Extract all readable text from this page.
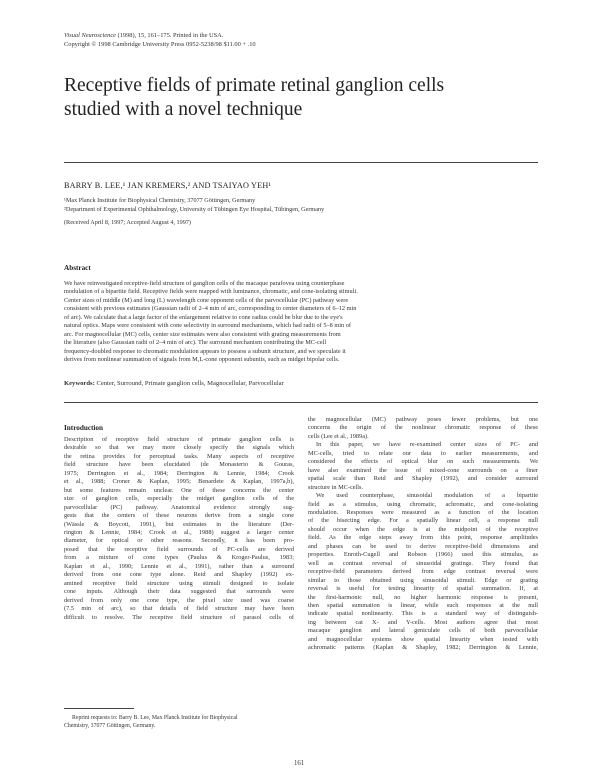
Visual Neuroscience (1998), 15, 161–175. Printed in the USA.
Copyright © 1998 Cambridge University Press 0952-5238/98 $11.00 + .10
Receptive fields of primate retinal ganglion cells
studied with a novel technique
BARRY B. LEE,¹ JAN KREMERS,² AND TSAIYAO YEH¹
¹Max Planck Institute for Biophysical Chemistry, 37077 Göttingen, Germany
²Department of Experimental Ophthalmology, University of Tübingen Eye Hospital, Tübingen, Germany
(Received April 8, 1997; Accepted August 4, 1997)
Abstract
We have reinvestigated receptive-field structure of ganglion cells of the macaque parafovea using counterphase
modulation of a bipartite field. Receptive fields were mapped with luminance, chromatic, and cone-isolating stimuli.
Center sizes of middle (M) and long (L) wavelength cone opponent cells of the parvocellular (PC) pathway were
consistent with previous estimates (Gaussian radii of 2–4 min of arc, corresponding to center diameters of 6–12 min
of arc). We calculate that a large factor of the enlargement relative to cone radius could be blur due to the eye's
natural optics. Maps were consistent with cone selectivity in surround mechanisms, which had radii of 5–8 min of
arc. For magnocellular (MC) cells, center size estimates were also consistent with grating measurements from
the literature (also Gaussian radii of 2–4 min of arc). The surround mechanism contributing the MC-cell
frequency-doubled response to chromatic modulation appears to possess a subunit structure, and we speculate it
derives from nonlinear summation of signals from M,L-cone opponent subunits, such as midget bipolar cells.
Keywords: Center, Surround, Primate ganglion cells, Magnocellular, Parvocellular
Introduction
Description of receptive field structure of primate ganglion cells is
desirable so that we may more closely specify the signals which
the retina provides for perceptual tasks. Many aspects of receptive
field structure have been elucidated (de Monasterio & Gouras,
1975; Derrington et al., 1984; Derrington & Lennie, 1984; Crook
et al., 1988; Croner & Kaplan, 1995; Benardete & Kaplan, 1997a,b),
but some features remain unclear. One of these concerns the center
size of ganglion cells, especially the midget ganglion cells of the
parvocellular (PC) pathway. Anatomical evidence strongly sug-
gests that the centers of these neurons derive from a single cone
(Wässle & Boycott, 1991), but estimates in the literature (Der-
rington & Lennie, 1984; Crook et al., 1988) suggest a larger center
diameter, for optical or other reasons. Secondly, it has been pro-
posed that the receptive field surrounds of PC-cells are derived
from a mixture of cone types (Paulus & Kroger-Paulus, 1983;
Kaplan et al., 1990; Lennie et al., 1991), rather than a surround
derived from one cone type alone. Reid and Shapley (1992) ex-
amined receptive field structure using stimuli designed to isolate
cone inputs. Although their data suggested that surrounds were
derived from only one cone type, the pixel size used was coarse
(7.5 min of arc), so that details of field structure may have been
difficult to resolve. The receptive field structure of parasol cells of
the magnocellular (MC) pathway poses fewer problems, but one
concerns the origin of the nonlinear chromatic response of these
cells (Lee et al., 1989a).
In this paper, we have re-examined center sizes of PC- and
MC-cells, tried to relate our data to earlier measurements, and
considered the effects of optical blur on such measurements. We
have also examined the issue of mixed-cone surrounds on a finer
spatial scale than Reid and Shapley (1992), and consider surround
structure in MC-cells.
We used counterphase, sinusoidal modulation of a bipartite
field as a stimulus, using chromatic, achromatic, and cone-isolating
modulation. Responses were measured as a function of the location
of the bisecting edge. For a spatially linear cell, a response null
should occur when the edge is at the midpoint of the receptive
field. As the edge steps away from this point, response amplitudes
and phases can be used to derive receptive-field dimensions and
properties. Enroth-Cugell and Robson (1966) used this stimulus, as
well as contrast reversal of sinusoidal gratings. They found that
receptive-field parameters derived from edge contrast reversal were
similar to those obtained using sinusoidal stimuli. Edge or grating
reversal is useful for testing linearity of spatial summation. If, at
the first-harmonic null, no higher harmonic response is present,
then spatial summation is linear, while such responses at the null
indicate spatial nonlinearity. This is a standard way of distinguish-
ing between cat X- and Y-cells. Most authors agree that most
macaque ganglion and lateral geniculate cells of both parvocellular
and magnocellular systems show spatial linearity when tested with
achromatic patterns (Kaplan & Shapley, 1982; Derrington & Lennie,
Reprint requests to: Barry B. Lee, Max Planck Institute for Biophysical
Chemistry, 37077 Göttingen, Germany.
161
